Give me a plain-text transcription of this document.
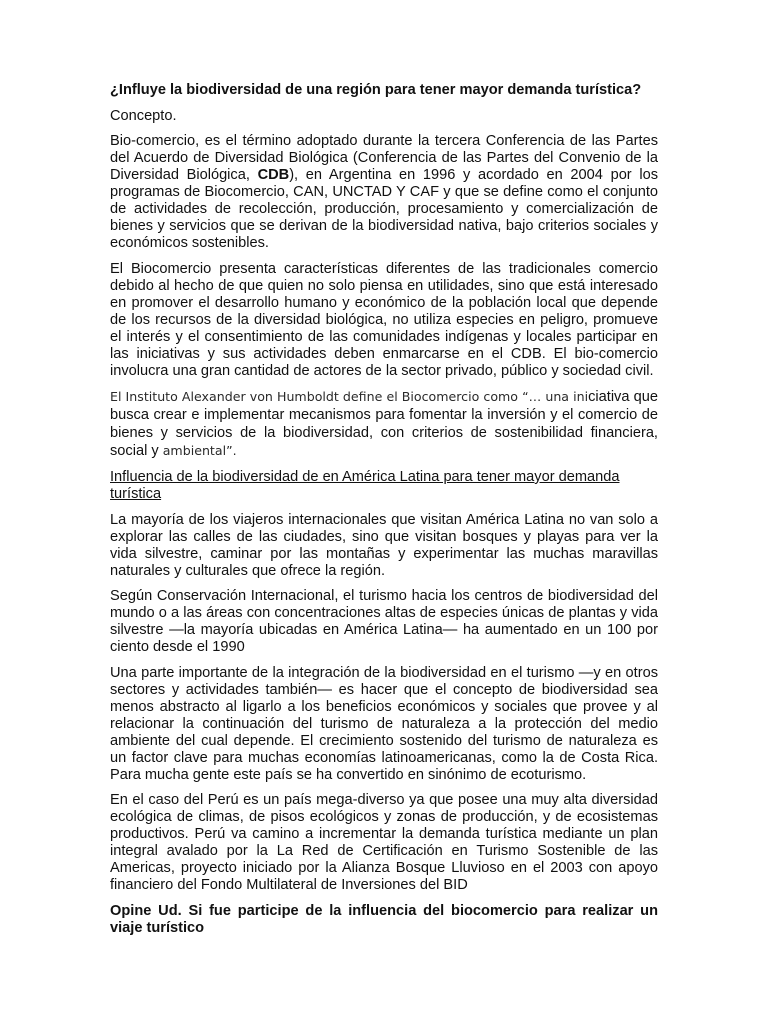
¿Influye la biodiversidad de una región para tener mayor demanda turística?

Concepto.

Bio-comercio, es el término adoptado durante la tercera Conferencia de las Partes del Acuerdo de Diversidad Biológica (Conferencia de las Partes del Convenio de la Diversidad Biológica, CDB), en Argentina en 1996 y acordado en 2004 por los programas de Biocomercio, CAN, UNCTAD Y CAF y que se define como el conjunto de actividades de recolección, producción, procesamiento y comercialización de bienes y servicios que se derivan de la biodiversidad nativa, bajo criterios sociales y económicos sostenibles.

El Biocomercio presenta características diferentes de las tradicionales comercio debido al hecho de que quien no solo piensa en utilidades, sino que está interesado en promover el desarrollo humano y económico de la población local que depende de los recursos de la diversidad biológica, no utiliza especies en peligro, promueve el interés y el consentimiento de las comunidades indígenas y locales participar en las iniciativas y sus actividades deben enmarcarse en el CDB. El bio-comercio involucra una gran cantidad de actores de la sector privado, público y sociedad civil.

El Instituto Alexander von Humboldt define el Biocomercio como “… una iniciativa que busca crear e implementar mecanismos para fomentar la inversión y el comercio de bienes y servicios de la biodiversidad, con criterios de sostenibilidad financiera, social y ambiental”.

Influencia de la biodiversidad de en América Latina para tener mayor demanda turística

La mayoría de los viajeros internacionales que visitan América Latina no van solo a explorar las calles de las ciudades, sino que visitan bosques y playas para ver la vida silvestre, caminar por las montañas y experimentar las muchas maravillas naturales y culturales que ofrece la región.

Según Conservación Internacional, el turismo hacia los centros de biodiversidad del mundo o a las áreas con concentraciones altas de especies únicas de plantas y vida silvestre —la mayoría ubicadas en América Latina— ha aumentado en un 100 por ciento desde el 1990

Una parte importante de la integración de la biodiversidad en el turismo —y en otros sectores y actividades también— es hacer que el concepto de biodiversidad sea menos abstracto al ligarlo a los beneficios económicos y sociales que provee y al relacionar la continuación del turismo de naturaleza a la protección del medio ambiente del cual depende. El crecimiento sostenido del turismo de naturaleza es un factor clave para muchas economías latinoamericanas, como la de Costa Rica. Para mucha gente este país se ha convertido en sinónimo de ecoturismo.

En el caso del Perú es un país mega-diverso ya que posee una muy alta diversidad ecológica de climas, de pisos ecológicos y zonas de producción, y de ecosistemas productivos. Perú va camino a incrementar la demanda turística mediante un plan integral avalado por la La Red de Certificación en Turismo Sostenible de las Americas, proyecto iniciado por la Alianza Bosque Lluvioso en el 2003 con apoyo financiero del Fondo Multilateral de Inversiones del BID

Opine Ud. Si fue participe de la influencia del biocomercio para realizar un viaje turístico
